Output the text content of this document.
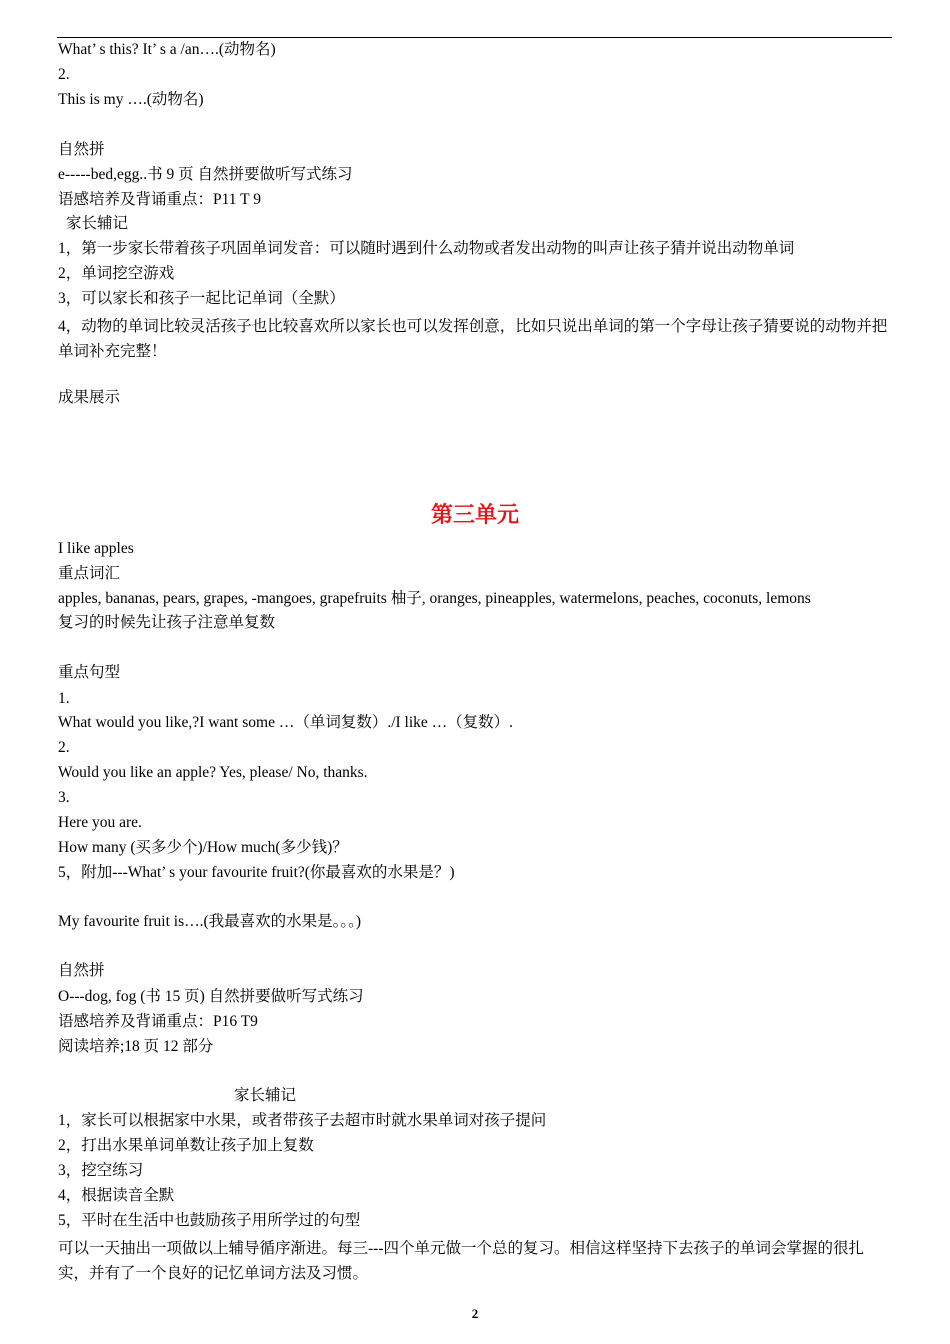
What’ s this? It’ s a /an….(动物名)
2.
This is my ….(动物名)
自然拼
e-----bed,egg..书 9 页 自然拼要做听写式练习
语感培养及背诵重点：P11 T 9
家长辅记
1，第一步家长带着孩子巩固单词发音：可以随时遇到什么动物或者发出动物的叫声让孩子猜并说出动物单词
2，单词挖空游戏
3，可以家长和孩子一起比记单词（全默）
4，动物的单词比较灵活孩子也比较喜欢所以家长也可以发挥创意，比如只说出单词的第一个字母让孩子猜要说的动物并把单词补充完整！
成果展示
第三单元
I like apples
重点词汇
apples, bananas, pears, grapes, -mangoes, grapefruits 柚子, oranges, pineapples, watermelons, peaches, coconuts, lemons
复习的时候先让孩子注意单复数
重点句型
1.
What would you like,?I want some …（单词复数）./I like …（复数）.
2.
Would you like an apple? Yes, please/ No, thanks.
3.
Here you are.
How many (买多少个)/How much(多少钱)？
5，附加---What’ s your favourite fruit?(你最喜欢的水果是？)
My favourite fruit is….(我最喜欢的水果是。。。)
自然拼
O---dog, fog (书 15 页) 自然拼要做听写式练习
语感培养及背诵重点：P16 T9
阅读培养;18 页 12 部分
家长辅记
1，家长可以根据家中水果，或者带孩子去超市时就水果单词对孩子提问
2，打出水果单词单数让孩子加上复数
3，挖空练习
4，根据读音全默
5，平时在生活中也鼓励孩子用所学过的句型
可以一天抽出一项做以上辅导循序渐进。每三---四个单元做一个总的复习。相信这样坚持下去孩子的单词会掌握的很扎实，并有了一个良好的记忆单词方法及习惯。
2
